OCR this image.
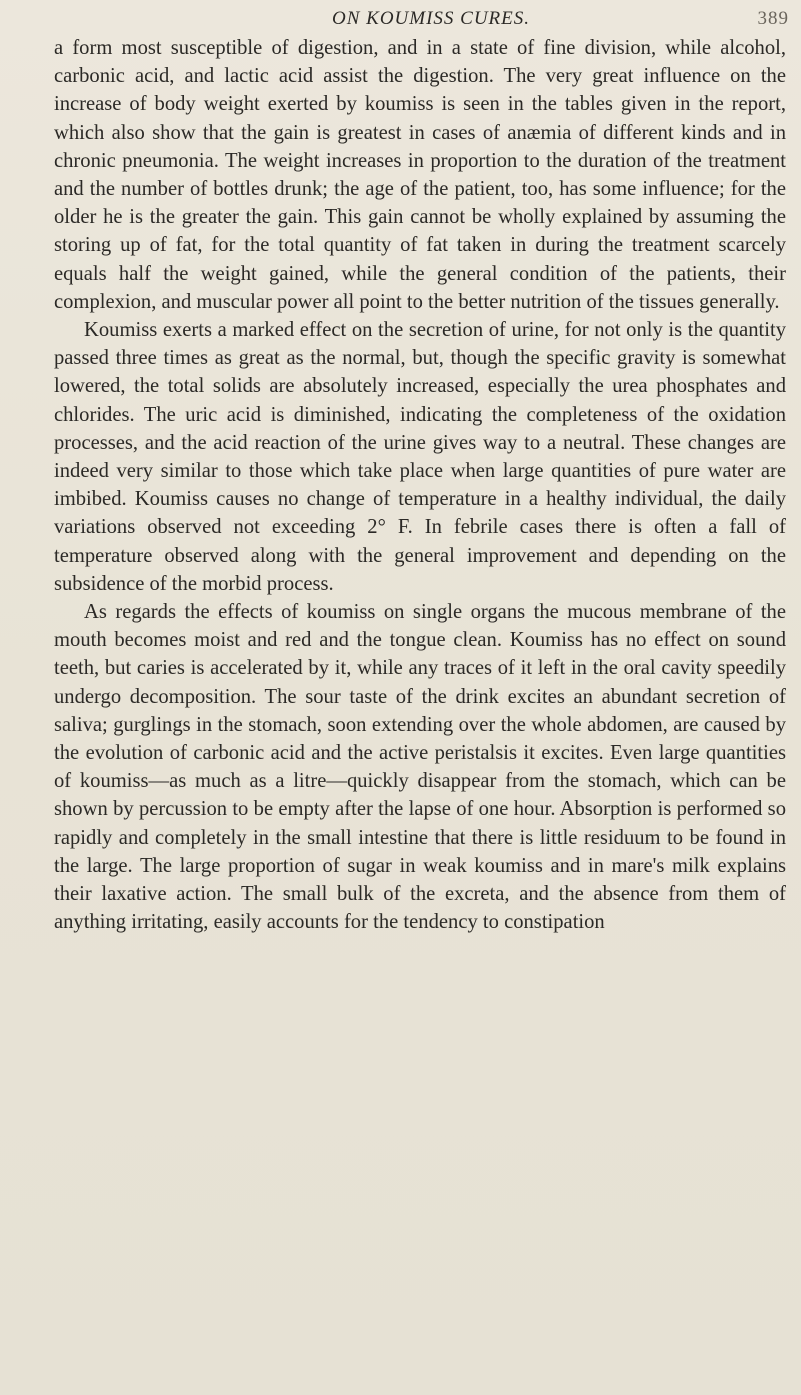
ON KOUMISS CURES.	389

a form most susceptible of digestion, and in a state of fine division, while alcohol, carbonic acid, and lactic acid assist the digestion. The very great influence on the increase of body weight exerted by koumiss is seen in the tables given in the report, which also show that the gain is greatest in cases of anæmia of different kinds and in chronic pneumonia. The weight increases in proportion to the duration of the treatment and the number of bottles drunk; the age of the patient, too, has some influence; for the older he is the greater the gain. This gain cannot be wholly explained by assuming the storing up of fat, for the total quantity of fat taken in during the treatment scarcely equals half the weight gained, while the general condition of the patients, their complexion, and muscular power all point to the better nutrition of the tissues generally.

Koumiss exerts a marked effect on the secretion of urine, for not only is the quantity passed three times as great as the normal, but, though the specific gravity is somewhat lowered, the total solids are absolutely increased, especially the urea phosphates and chlorides. The uric acid is diminished, indicating the completeness of the oxidation processes, and the acid reaction of the urine gives way to a neutral. These changes are indeed very similar to those which take place when large quantities of pure water are imbibed. Koumiss causes no change of temperature in a healthy individual, the daily variations observed not exceeding 2° F. In febrile cases there is often a fall of temperature observed along with the general improvement and depending on the subsidence of the morbid process.

As regards the effects of koumiss on single organs the mucous membrane of the mouth becomes moist and red and the tongue clean. Koumiss has no effect on sound teeth, but caries is accelerated by it, while any traces of it left in the oral cavity speedily undergo decomposition. The sour taste of the drink excites an abundant secretion of saliva; gurglings in the stomach, soon extending over the whole abdomen, are caused by the evolution of carbonic acid and the active peristalsis it excites. Even large quantities of koumiss—as much as a litre—quickly disappear from the stomach, which can be shown by percussion to be empty after the lapse of one hour. Absorption is performed so rapidly and completely in the small intestine that there is little residuum to be found in the large. The large proportion of sugar in weak koumiss and in mare's milk explains their laxative action. The small bulk of the excreta, and the absence from them of anything irritating, easily accounts for the tendency to constipation
